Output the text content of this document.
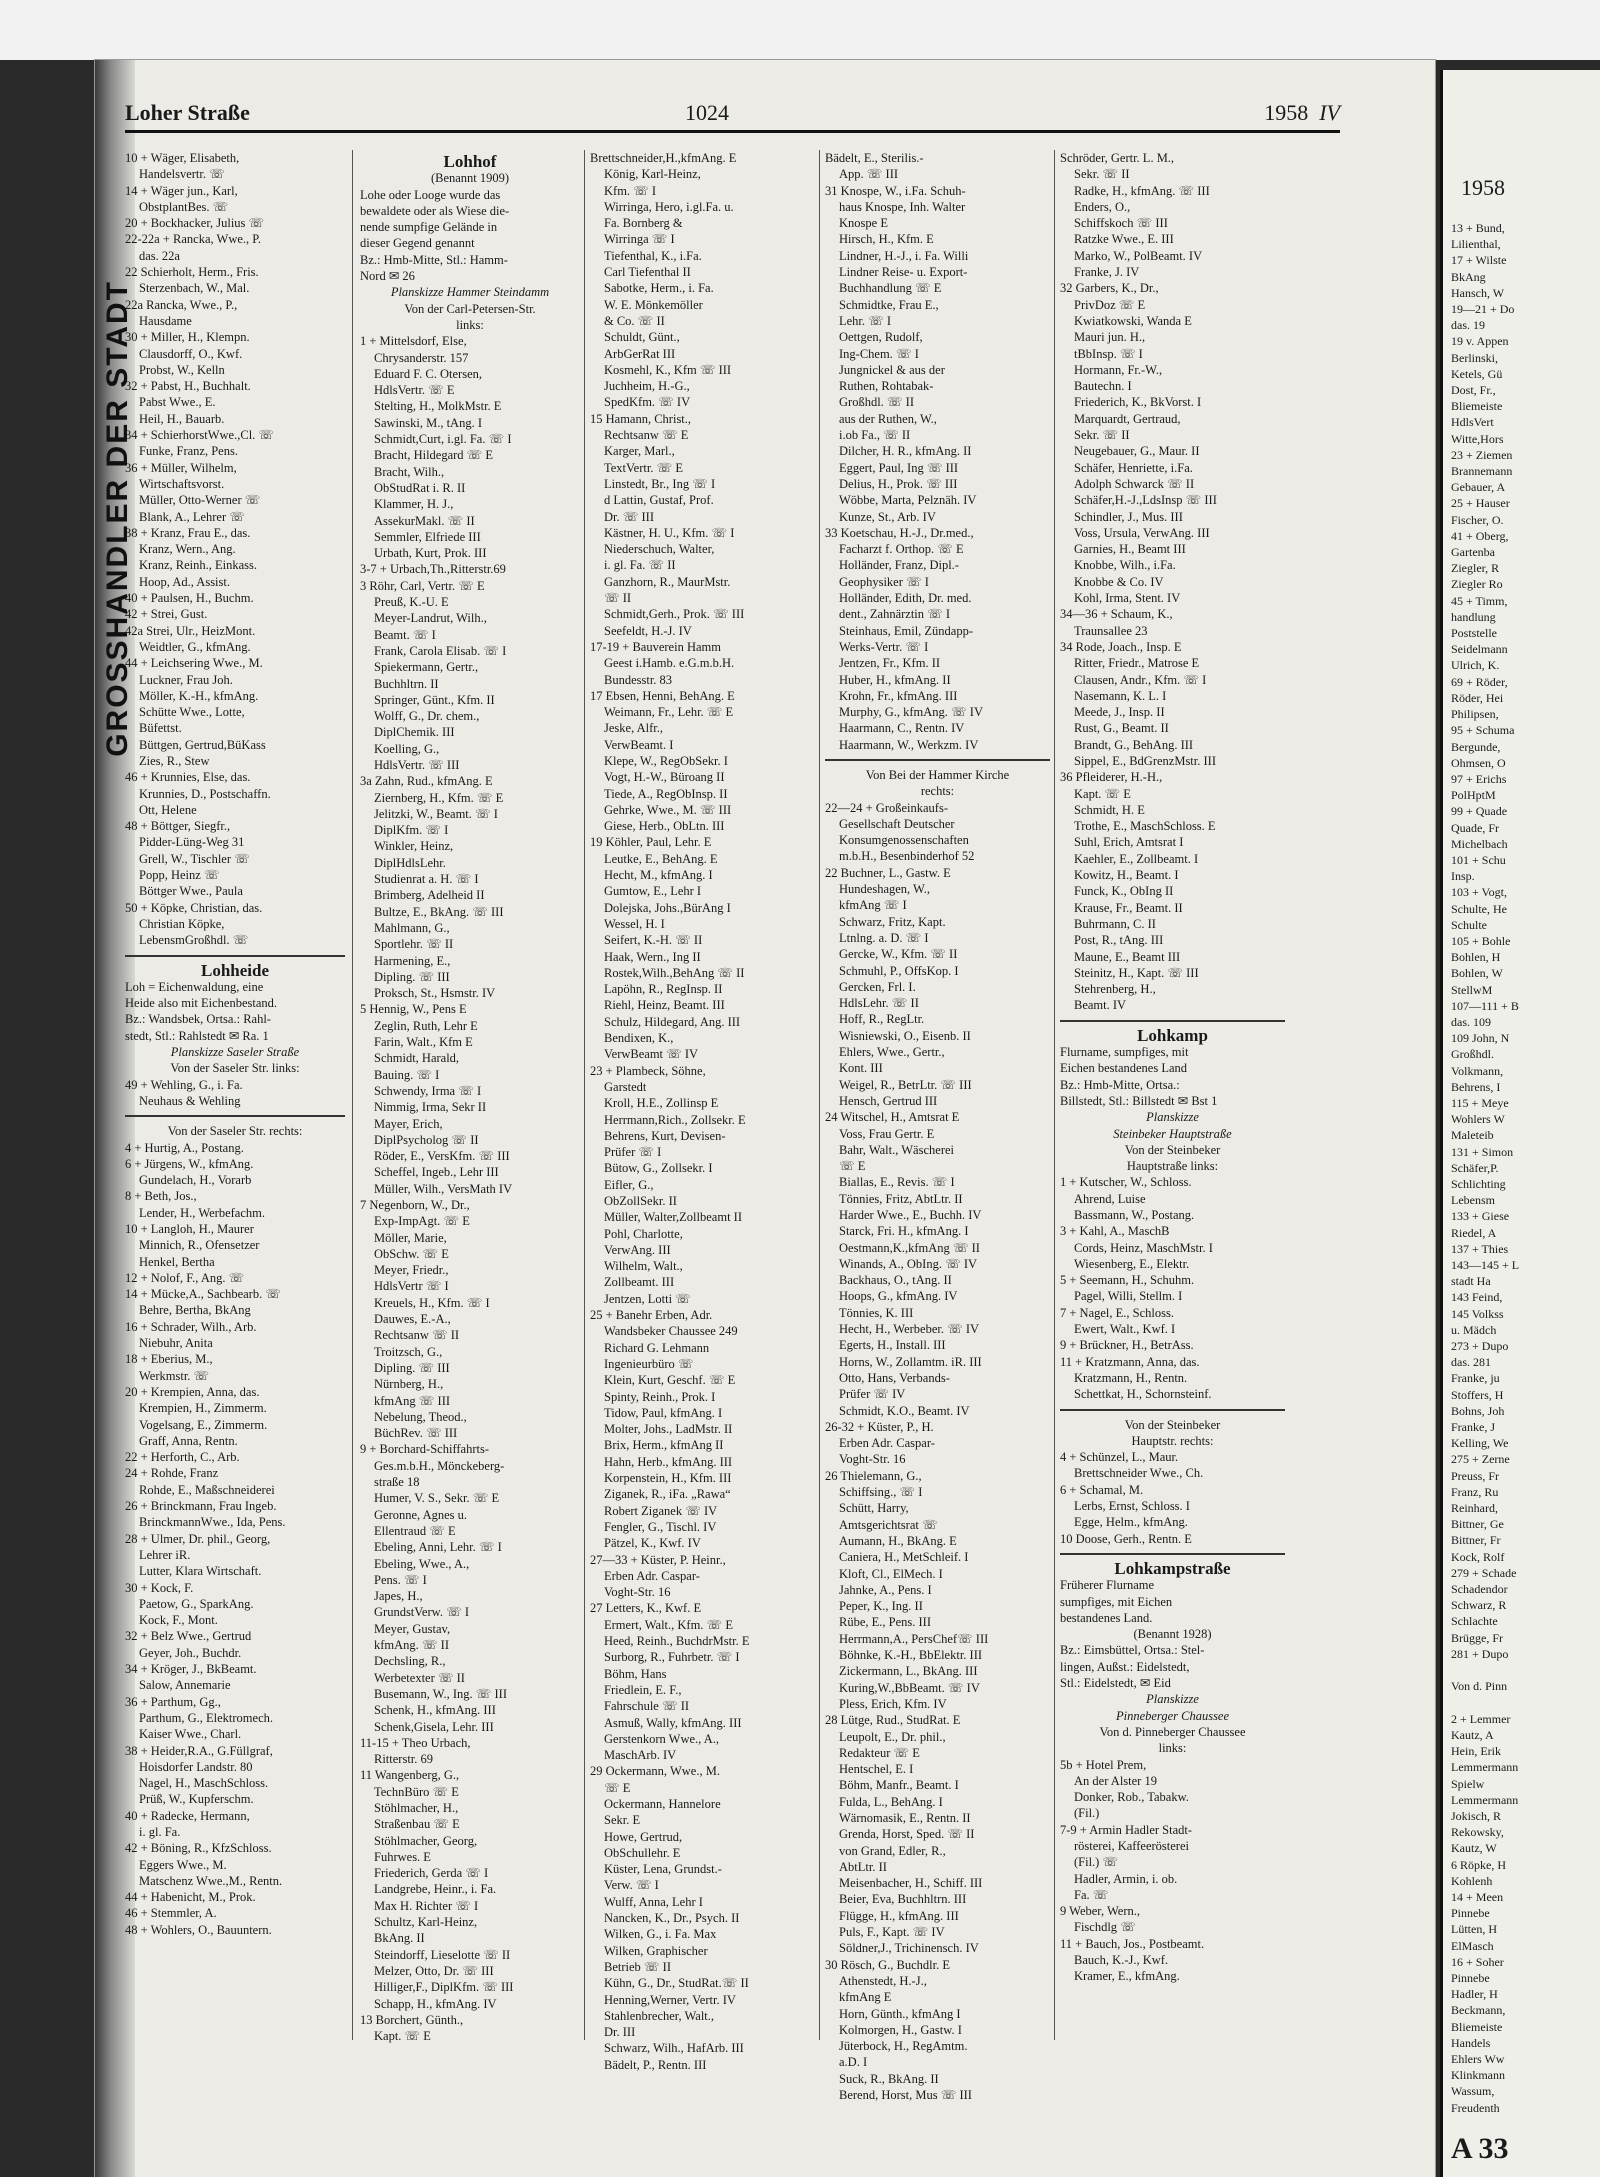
GROSSHANDLER DER STADT
1958
13 + Bund,
Lilienthal,
17 + Wilste
BkAng
Hansch, W
19—21 + Do
das. 19
19 v. Appen
Berlinski,
Ketels, Gü
Dost, Fr.,
Bliemeiste
HdlsVert
Witte,Hors
23 + Ziemen
Brannemann
Gebauer, A
25 + Hauser
Fischer, O.
41 + Oberg,
Gartenba
Ziegler, R
Ziegler Ro
45 + Timm,
handlung
Poststelle
Seidelmann
Ulrich, K.
69 + Röder,
Röder, Hei
Philipsen,
95 + Schuma
Bergunde,
Ohmsen, O
97 + Erichs
PolHptM
99 + Quade
Quade, Fr
Michelbach
101 + Schu
Insp.
103 + Vogt,
Schulte, He
Schulte
105 + Bohle
Bohlen, H
Bohlen, W
StellwM
107—111 + B
das. 109
109 John, N
Großhdl.
Volkmann,
Behrens, I
115 + Meye
Wohlers W
Maleteib
131 + Simon
Schäfer,P.
Schlichting
Lebensm
133 + Giese
Riedel, A
137 + Thies
143—145 + L
stadt Ha
143 Feind,
145 Volkss
u. Mädch
273 + Dupo
das. 281
Franke, ju
Stoffers, H
Bohns, Joh
Franke, J
Kelling, We
275 + Zerne
Preuss, Fr
Franz, Ru
Reinhard,
Bittner, Ge
Bittner, Fr
Kock, Rolf
279 + Schade
Schadendor
Schwarz, R
Schlachte
Brügge, Fr
281 + Dupo

Von d. Pinn

2 + Lemmer
Kautz, A
Hein, Erik
Lemmermann
Spielw
Lemmermann
Jokisch, R
Rekowsky,
Kautz, W
6 Röpke, H
Kohlenh
14 + Meen
Pinnebe
Lütten, H
ElMasch
16 + Soher
Pinnebe
Hadler, H
Beckmann,
Bliemeiste
Handels
Ehlers Ww
Klinkmann
Wassum,
Freudenth
A 33
Loher Straße	1024	1958 IV
10 + Wäger, Elisabeth,
Handelsvertr. ☏
14 + Wäger jun., Karl,
ObstplantBes. ☏
20 + Bockhacker, Julius ☏
22-22a + Rancka, Wwe., P.
das. 22a
22 Schierholt, Herm., Fris.
Sterzenbach, W., Mal.
22a Rancka, Wwe., P.,
Hausdame
30 + Miller, H., Klempn.
Clausdorff, O., Kwf.
Probst, W., Kelln
32 + Pabst, H., Buchhalt.
Pabst Wwe., E.
Heil, H., Bauarb.
34 + SchierhorstWwe.,Cl. ☏
Funke, Franz, Pens.
36 + Müller, Wilhelm,
Wirtschaftsvorst.
Müller, Otto-Werner ☏
Blank, A., Lehrer ☏
38 + Kranz, Frau E., das.
Kranz, Wern., Ang.
Kranz, Reinh., Einkass.
Hoop, Ad., Assist.
40 + Paulsen, H., Buchm.
42 + Strei, Gust.
42a Strei, Ulr., HeizMont.
Weidtler, G., kfmAng.
44 + Leichsering Wwe., M.
Luckner, Frau Joh.
Möller, K.-H., kfmAng.
Schütte Wwe., Lotte,
Büfettst.
Büttgen, Gertrud,BüKass
Zies, R., Stew
46 + Krunnies, Else, das.
Krunnies, D., Postschaffn.
Ott, Helene
48 + Böttger, Siegfr.,
Pidder-Lüng-Weg 31
Grell, W., Tischler ☏
Popp, Heinz ☏
Böttger Wwe., Paula
50 + Köpke, Christian, das.
Christian Köpke,
LebensmGroßhdl. ☏
Lohheide
Loh = Eichenwaldung, eine
Heide also mit Eichenbestand.
Bz.: Wandsbek, Ortsa.: Rahl-
stedt, Stl.: Rahlstedt ✉ Ra. 1
Planskizze Saseler Straße
Von der Saseler Str. links:
49 + Wehling, G., i. Fa.
Neuhaus & Wehling
Von der Saseler Str. rechts:
4 + Hurtig, A., Postang.
6 + Jürgens, W., kfmAng.
Gundelach, H., Vorarb
8 + Beth, Jos.,
Lender, H., Werbefachm.
10 + Langloh, H., Maurer
Minnich, R., Ofensetzer
Henkel, Bertha
12 + Nolof, F., Ang. ☏
14 + Mücke,A., Sachbearb. ☏
Behre, Bertha, BkAng
16 + Schrader, Wilh., Arb.
Niebuhr, Anita
18 + Eberius, M.,
Werkmstr. ☏
20 + Krempien, Anna, das.
Krempien, H., Zimmerm.
Vogelsang, E., Zimmerm.
Graff, Anna, Rentn.
22 + Herforth, C., Arb.
24 + Rohde, Franz
Rohde, E., Maßschneiderei
26 + Brinckmann, Frau Ingeb.
BrinckmannWwe., Ida, Pens.
28 + Ulmer, Dr. phil., Georg,
Lehrer iR.
Lutter, Klara Wirtschaft.
30 + Kock, F.
Paetow, G., SparkAng.
Kock, F., Mont.
32 + Belz Wwe., Gertrud
Geyer, Joh., Buchdr.
34 + Kröger, J., BkBeamt.
Salow, Annemarie
36 + Parthum, Gg.,
Parthum, G., Elektromech.
Kaiser Wwe., Charl.
38 + Heider,R.A., G.Füllgraf,
Hoisdorfer Landstr. 80
Nagel, H., MaschSchloss.
Prüß, W., Kupferschm.
40 + Radecke, Hermann,
i. gl. Fa.
42 + Böning, R., KfzSchloss.
Eggers Wwe., M.
Matschenz Wwe.,M., Rentn.
44 + Habenicht, M., Prok.
46 + Stemmler, A.
48 + Wohlers, O., Bauuntern.
Lohhof
(Benannt 1909)
Lohe oder Looge wurde das
bewaldete oder als Wiese die-
nende sumpfige Gelände in
dieser Gegend genannt
Bz.: Hmb-Mitte, Stl.: Hamm-
Nord ✉ 26
Planskizze Hammer Steindamm
Von der Carl-Petersen-Str.
links:
1 + Mittelsdorf, Else,
Chrysanderstr. 157
Eduard F. C. Otersen,
HdlsVertr. ☏ E
Stelting, H., MolkMstr. E
Sawinski, M., tAng. I
Schmidt,Curt, i.gl. Fa. ☏ I
Bracht, Hildegard ☏ E
Bracht, Wilh.,
ObStudRat i. R. II
Klammer, H. J.,
AssekurMakl. ☏ II
Semmler, Elfriede III
Urbath, Kurt, Prok. III
3-7 + Urbach,Th.,Ritterstr.69
3 Röhr, Carl, Vertr. ☏ E
Preuß, K.-U. E
Meyer-Landrut, Wilh.,
Beamt. ☏ I
Frank, Carola Elisab. ☏ I
Spiekermann, Gertr.,
Buchhltrn. II
Springer, Günt., Kfm. II
Wolff, G., Dr. chem.,
DiplChemik. III
Koelling, G.,
HdlsVertr. ☏ III
3a Zahn, Rud., kfmAng. E
Ziernberg, H., Kfm. ☏ E
Jelitzki, W., Beamt. ☏ I
DiplKfm. ☏ I
Winkler, Heinz,
DiplHdlsLehr.
Studienrat a. H. ☏ I
Brimberg, Adelheid II
Bultze, E., BkAng. ☏ III
Mahlmann, G.,
Sportlehr. ☏ II
Harmening, E.,
Dipling. ☏ III
Proksch, St., Hsmstr. IV
5 Hennig, W., Pens E
Zeglin, Ruth, Lehr E
Farin, Walt., Kfm E
Schmidt, Harald,
Bauing. ☏ I
Schwendy, Irma ☏ I
Nimmig, Irma, Sekr II
Mayer, Erich,
DiplPsycholog ☏ II
Röder, E., VersKfm. ☏ III
Scheffel, Ingeb., Lehr III
Müller, Wilh., VersMath IV
7 Negenborn, W., Dr.,
Exp-ImpAgt. ☏ E
Möller, Marie,
ObSchw. ☏ E
Meyer, Friedr.,
HdlsVertr ☏ I
Kreuels, H., Kfm. ☏ I
Dauwes, E.-A.,
Rechtsanw ☏ II
Troitzsch, G.,
Dipling. ☏ III
Nürnberg, H.,
kfmAng ☏ III
Nebelung, Theod.,
BüchRev. ☏ III
9 + Borchard-Schiffahrts-
Ges.m.b.H., Mönckeberg-
straße 18
Humer, V. S., Sekr. ☏ E
Geronne, Agnes u.
Ellentraud ☏ E
Ebeling, Anni, Lehr. ☏ I
Ebeling, Wwe., A.,
Pens. ☏ I
Japes, H.,
GrundstVerw. ☏ I
Meyer, Gustav,
kfmAng. ☏ II
Dechsling, R.,
Werbetexter ☏ II
Busemann, W., Ing. ☏ III
Schenk, H., kfmAng. III
Schenk,Gisela, Lehr. III
11-15 + Theo Urbach,
Ritterstr. 69
11 Wangenberg, G.,
TechnBüro ☏ E
Stöhlmacher, H.,
Straßenbau ☏ E
Stöhlmacher, Georg,
Fuhrwes. E
Friederich, Gerda ☏ I
Landgrebe, Heinr., i. Fa.
Max H. Richter ☏ I
Schultz, Karl-Heinz,
BkAng. II
Steindorff, Lieselotte ☏ II
Melzer, Otto, Dr. ☏ III
Hilliger,F., DiplKfm. ☏ III
Schapp, H., kfmAng. IV
13 Borchert, Günth.,
Kapt. ☏ E
Brettschneider,H.,kfmAng. E
König, Karl-Heinz,
Kfm. ☏ I
Wirringa, Hero, i.gl.Fa. u.
Fa. Bornberg &
Wirringa ☏ I
Tiefenthal, K., i.Fa.
Carl Tiefenthal II
Sabotke, Herm., i. Fa.
W. E. Mönkemöller
& Co. ☏ II
Schuldt, Günt.,
ArbGerRat III
Kosmehl, K., Kfm ☏ III
Juchheim, H.-G.,
SpedKfm. ☏ IV
15 Hamann, Christ.,
Rechtsanw ☏ E
Karger, Marl.,
TextVertr. ☏ E
Linstedt, Br., Ing ☏ I
d Lattin, Gustaf, Prof.
Dr. ☏ III
Kästner, H. U., Kfm. ☏ I
Niederschuch, Walter,
i. gl. Fa. ☏ II
Ganzhorn, R., MaurMstr.
☏ II
Schmidt,Gerh., Prok. ☏ III
Seefeldt, H.-J. IV
17-19 + Bauverein Hamm
Geest i.Hamb. e.G.m.b.H.
Bundesstr. 83
17 Ebsen, Henni, BehAng. E
Weimann, Fr., Lehr. ☏ E
Jeske, Alfr.,
VerwBeamt. I
Klepe, W., RegObSekr. I
Vogt, H.-W., Büroang II
Tiede, A., RegObInsp. II
Gehrke, Wwe., M. ☏ III
Giese, Herb., ObLtn. III
19 Köhler, Paul, Lehr. E
Leutke, E., BehAng. E
Hecht, M., kfmAng. I
Gumtow, E., Lehr I
Dolejska, Johs.,BürAng I
Wessel, H. I
Seifert, K.-H. ☏ II
Haak, Wern., Ing II
Rostek,Wilh.,BehAng ☏ II
Lapöhn, R., RegInsp. II
Riehl, Heinz, Beamt. III
Schulz, Hildegard, Ang. III
Bendixen, K.,
VerwBeamt ☏ IV
23 + Plambeck, Söhne,
Garstedt
Kroll, H.E., Zollinsp E
Herrmann,Rich., Zollsekr. E
Behrens, Kurt, Devisen-
Prüfer ☏ I
Bütow, G., Zollsekr. I
Eifler, G.,
ObZollSekr. II
Müller, Walter,Zollbeamt II
Pohl, Charlotte,
VerwAng. III
Wilhelm, Walt.,
Zollbeamt. III
Jentzen, Lotti ☏
25 + Banehr Erben, Adr.
Wandsbeker Chaussee 249
Richard G. Lehmann
Ingenieurbüro ☏
Klein, Kurt, Geschf. ☏ E
Spinty, Reinh., Prok. I
Tidow, Paul, kfmAng. I
Molter, Johs., LadMstr. II
Brix, Herm., kfmAng II
Hahn, Herb., kfmAng. III
Korpenstein, H., Kfm. III
Ziganek, R., iFa. „Rawa“
Robert Ziganek ☏ IV
Fengler, G., Tischl. IV
Pätzel, K., Kwf. IV
27—33 + Küster, P. Heinr.,
Erben Adr. Caspar-
Voght-Str. 16
27 Letters, K., Kwf. E
Ermert, Walt., Kfm. ☏ E
Heed, Reinh., BuchdrMstr. E
Surborg, R., Fuhrbetr. ☏ I
Böhm, Hans
Friedlein, E. F.,
Fahrschule ☏ II
Asmuß, Wally, kfmAng. III
Gerstenkorn Wwe., A.,
MaschArb. IV
29 Ockermann, Wwe., M.
☏ E
Ockermann, Hannelore
Sekr. E
Howe, Gertrud,
ObSchullehr. E
Küster, Lena, Grundst.-
Verw. ☏ I
Wulff, Anna, Lehr I
Nancken, K., Dr., Psych. II
Wilken, G., i. Fa. Max
Wilken, Graphischer
Betrieb ☏ II
Kühn, G., Dr., StudRat.☏ II
Henning,Werner, Vertr. IV
Stahlenbrecher, Walt.,
Dr. III
Schwarz, Wilh., HafArb. III
Bädelt, P., Rentn. III
Bädelt, E., Sterilis.-
App. ☏ III
31 Knospe, W., i.Fa. Schuh-
haus Knospe, Inh. Walter
Knospe E
Hirsch, H., Kfm. E
Lindner, H.-J., i. Fa. Willi
Lindner Reise- u. Export-
Buchhandlung ☏ E
Schmidtke, Frau E.,
Lehr. ☏ I
Oettgen, Rudolf,
Ing-Chem. ☏ I
Jungnickel & aus der
Ruthen, Rohtabak-
Großhdl. ☏ II
aus der Ruthen, W.,
i.ob Fa., ☏ II
Dilcher, H. R., kfmAng. II
Eggert, Paul, Ing ☏ III
Delius, H., Prok. ☏ III
Wöbbe, Marta, Pelznäh. IV
Kunze, St., Arb. IV
33 Koetschau, H.-J., Dr.med.,
Facharzt f. Orthop. ☏ E
Holländer, Franz, Dipl.-
Geophysiker ☏ I
Holländer, Edith, Dr. med.
dent., Zahnärztin ☏ I
Steinhaus, Emil, Zündapp-
Werks-Vertr. ☏ I
Jentzen, Fr., Kfm. II
Huber, H., kfmAng. II
Krohn, Fr., kfmAng. III
Murphy, G., kfmAng. ☏ IV
Haarmann, C., Rentn. IV
Haarmann, W., Werkzm. IV
Von Bei der Hammer Kirche
rechts:
22—24 + Großeinkaufs-
Gesellschaft Deutscher
Konsumgenossenschaften
m.b.H., Besenbinderhof 52
22 Buchner, L., Gastw. E
Hundeshagen, W.,
kfmAng ☏ I
Schwarz, Fritz, Kapt.
Ltnlng. a. D. ☏ I
Gercke, W., Kfm. ☏ II
Schmuhl, P., OffsKop. I
Gercken, Frl. I.
HdlsLehr. ☏ II
Hoff, R., RegLtr.
Wisniewski, O., Eisenb. II
Ehlers, Wwe., Gertr.,
Kont. III
Weigel, R., BetrLtr. ☏ III
Hensch, Gertrud III
24 Witschel, H., Amtsrat E
Voss, Frau Gertr. E
Bahr, Walt., Wäscherei
☏ E
Biallas, E., Revis. ☏ I
Tönnies, Fritz, AbtLtr. II
Harder Wwe., E., Buchh. IV
Starck, Fri. H., kfmAng. I
Oestmann,K.,kfmAng ☏ II
Winands, A., ObIng. ☏ IV
Backhaus, O., tAng. II
Hoops, G., kfmAng. IV
Tönnies, K. III
Hecht, H., Werbeber. ☏ IV
Egerts, H., Install. III
Horns, W., Zollamtm. iR. III
Otto, Hans, Verbands-
Prüfer ☏ IV
Schmidt, K.O., Beamt. IV
26-32 + Küster, P., H.
Erben Adr. Caspar-
Voght-Str. 16
26 Thielemann, G.,
Schiffsing., ☏ I
Schütt, Harry,
Amtsgerichtsrat ☏
Aumann, H., BkAng. E
Caniera, H., MetSchleif. I
Kloft, Cl., ElMech. I
Jahnke, A., Pens. I
Peper, K., Ing. II
Rübe, E., Pens. III
Herrmann,A., PersChef☏ III
Böhnke, K.-H., BbElektr. III
Zickermann, L., BkAng. III
Kuring,W.,BbBeamt. ☏ IV
Pless, Erich, Kfm. IV
28 Lütge, Rud., StudRat. E
Leupolt, E., Dr. phil.,
Redakteur ☏ E
Hentschel, E. I
Böhm, Manfr., Beamt. I
Fulda, L., BehAng. I
Wärnomasik, E., Rentn. II
Grenda, Horst, Sped. ☏ II
von Grand, Edler, R.,
AbtLtr. II
Meisenbacher, H., Schiff. III
Beier, Eva, Buchhltrn. III
Flügge, H., kfmAng. III
Puls, F., Kapt. ☏ IV
Söldner,J., Trichinensch. IV
30 Rösch, G., Buchdlr. E
Athenstedt, H.-J.,
kfmAng E
Horn, Günth., kfmAng I
Kolmorgen, H., Gastw. I
Jüterbock, H., RegAmtm.
a.D. I
Suck, R., BkAng. II
Berend, Horst, Mus ☏ III
Schröder, Gertr. L. M.,
Sekr. ☏ II
Radke, H., kfmAng. ☏ III
Enders, O.,
Schiffskoch ☏ III
Ratzke Wwe., E. III
Marko, W., PolBeamt. IV
Franke, J. IV
32 Garbers, K., Dr.,
PrivDoz ☏ E
Kwiatkowski, Wanda E
Mauri jun. H.,
tBbInsp. ☏ I
Hormann, Fr.-W.,
Bautechn. I
Friederich, K., BkVorst. I
Marquardt, Gertraud,
Sekr. ☏ II
Neugebauer, G., Maur. II
Schäfer, Henriette, i.Fa.
Adolph Schwarck ☏ II
Schäfer,H.-J.,LdsInsp ☏ III
Schindler, J., Mus. III
Voss, Ursula, VerwAng. III
Garnies, H., Beamt III
Knobbe, Wilh., i.Fa.
Knobbe & Co. IV
Kohl, Irma, Stent. IV
34—36 + Schaum, K.,
Traunsallee 23
34 Rode, Joach., Insp. E
Ritter, Friedr., Matrose E
Clausen, Andr., Kfm. ☏ I
Nasemann, K. L. I
Meede, J., Insp. II
Rust, G., Beamt. II
Brandt, G., BehAng. III
Sippel, E., BdGrenzMstr. III
36 Pfleiderer, H.-H.,
Kapt. ☏ E
Schmidt, H. E
Trothe, E., MaschSchloss. E
Suhl, Erich, Amtsrat I
Kaehler, E., Zollbeamt. I
Kowitz, H., Beamt. I
Funck, K., ObIng II
Krause, Fr., Beamt. II
Buhrmann, C. II
Post, R., tAng. III
Maune, E., Beamt III
Steinitz, H., Kapt. ☏ III
Stehrenberg, H.,
Beamt. IV
Lohkamp
Flurname, sumpfiges, mit
Eichen bestandenes Land
Bz.: Hmb-Mitte, Ortsa.:
Billstedt, Stl.: Billstedt ✉ Bst 1
Planskizze
Steinbeker Hauptstraße
Von der Steinbeker
Hauptstraße links:
1 + Kutscher, W., Schloss.
Ahrend, Luise
Bassmann, W., Postang.
3 + Kahl, A., MaschB
Cords, Heinz, MaschMstr. I
Wiesenberg, E., Elektr.
5 + Seemann, H., Schuhm.
Pagel, Willi, Stellm. I
7 + Nagel, E., Schloss.
Ewert, Walt., Kwf. I
9 + Brückner, H., BetrAss.
11 + Kratzmann, Anna, das.
Kratzmann, H., Rentn.
Schettkat, H., Schornsteinf.
Von der Steinbeker
Hauptstr. rechts:
4 + Schünzel, L., Maur.
Brettschneider Wwe., Ch.
6 + Schamal, M.
Lerbs, Ernst, Schloss. I
Egge, Helm., kfmAng.
10 Doose, Gerh., Rentn. E
Lohkampstraße
Früherer Flurname
sumpfiges, mit Eichen
bestandenes Land.
(Benannt 1928)
Bz.: Eimsbüttel, Ortsa.: Stel-
lingen, Außst.: Eidelstedt,
Stl.: Eidelstedt, ✉ Eid
Planskizze
Pinneberger Chaussee
Von d. Pinneberger Chaussee
links:
5b + Hotel Prem,
An der Alster 19
Donker, Rob., Tabakw.
(Fil.)
7-9 + Armin Hadler Stadt-
rösterei, Kaffeerösterei
(Fil.) ☏
Hadler, Armin, i. ob.
Fa. ☏
9 Weber, Wern.,
Fischdlg ☏
11 + Bauch, Jos., Postbeamt.
Bauch, K.-J., Kwf.
Kramer, E., kfmAng.
